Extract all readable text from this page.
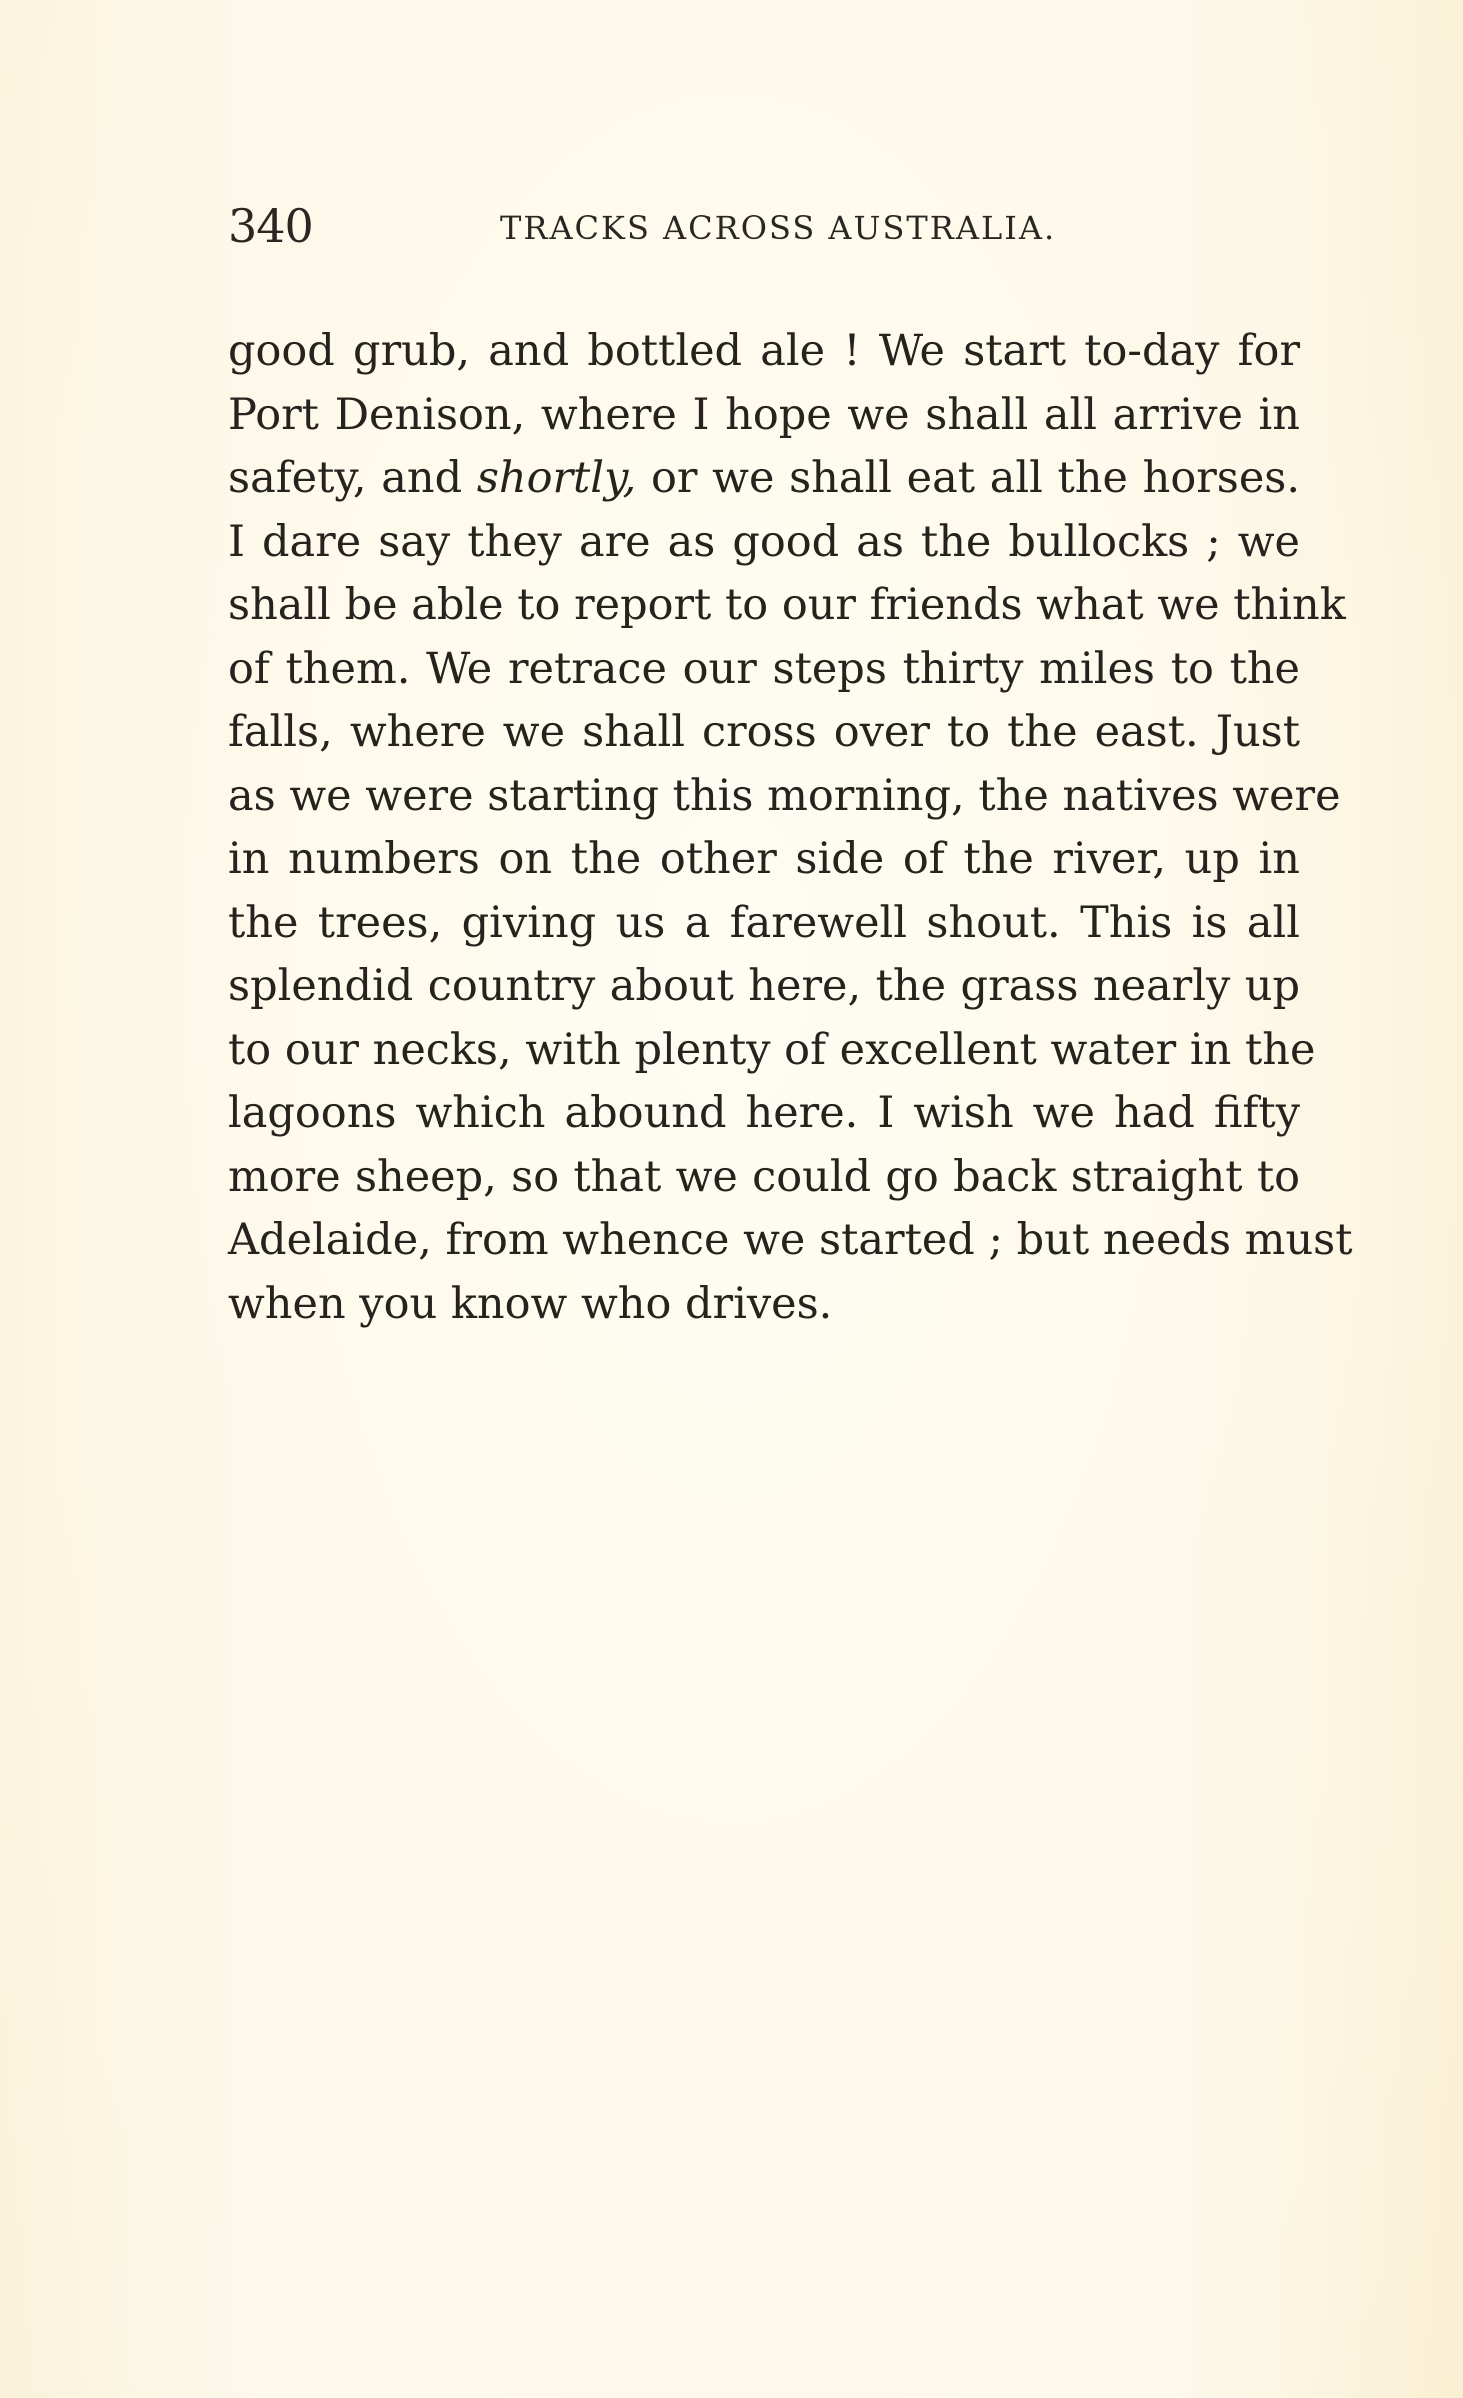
340	TRACKS ACROSS AUSTRALIA.
good grub, and bottled ale ! We start to-day for
Port Denison, where I hope we shall all arrive in
safety, and shortly, or we shall eat all the horses.
I dare say they are as good as the bullocks ; we
shall be able to report to our friends what we think
of them. We retrace our steps thirty miles to the
falls, where we shall cross over to the east. Just
as we were starting this morning, the natives were
in numbers on the other side of the river, up in
the trees, giving us a farewell shout. This is all
splendid country about here, the grass nearly up
to our necks, with plenty of excellent water in the
lagoons which abound here. I wish we had fifty
more sheep, so that we could go back straight to
Adelaide, from whence we started ; but needs must
when you know who drives.
